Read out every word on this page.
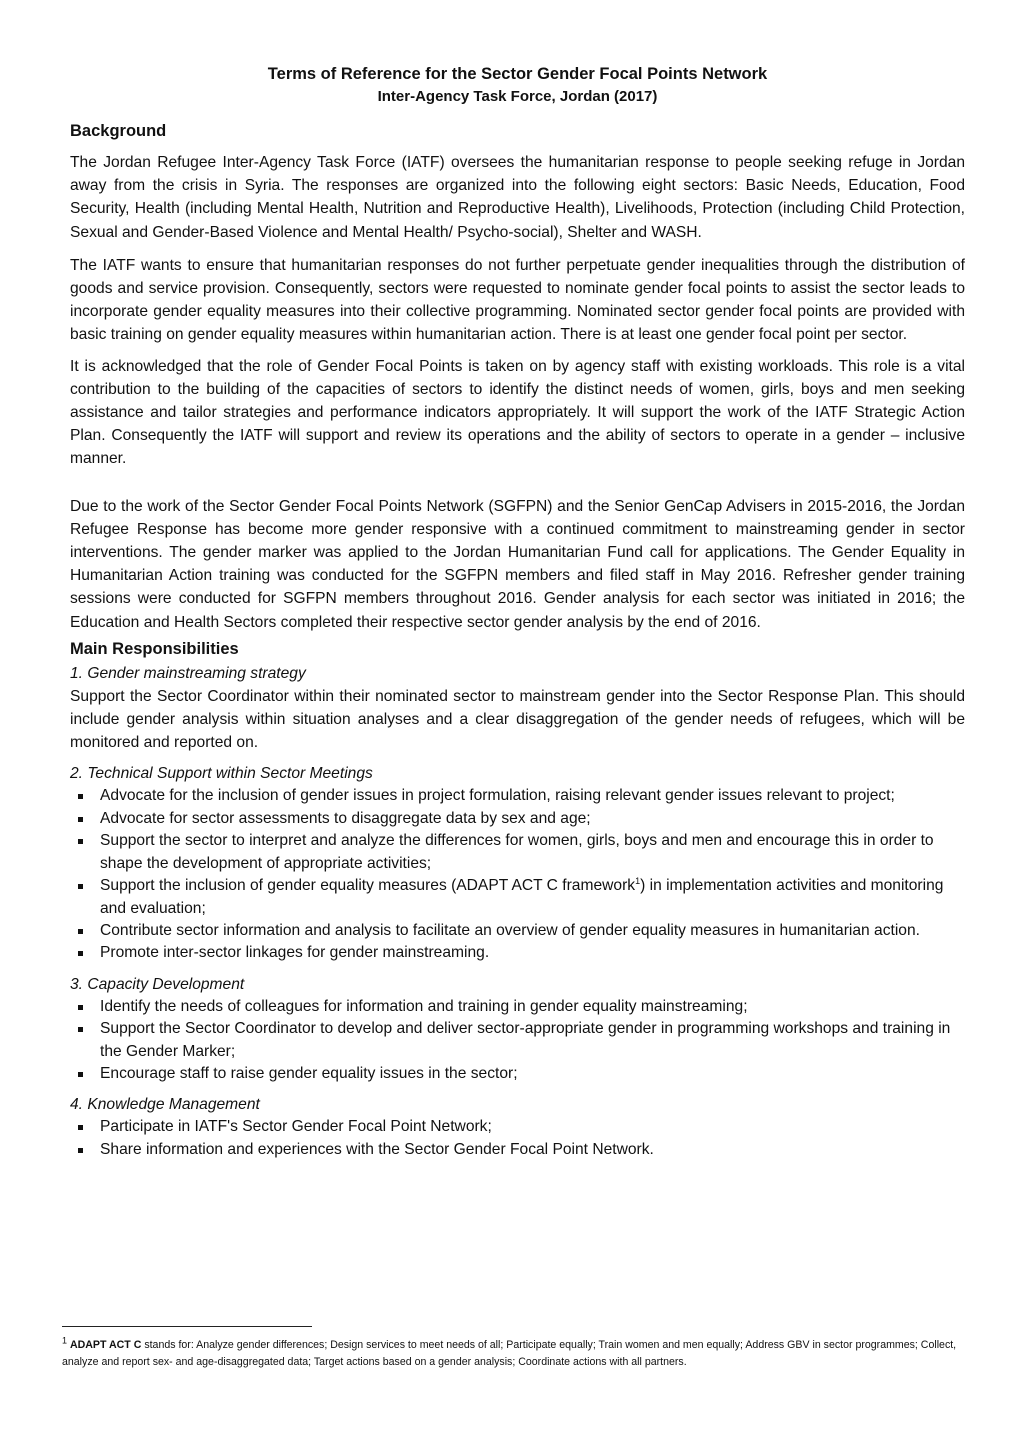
Terms of Reference for the Sector Gender Focal Points Network
Inter-Agency Task Force, Jordan (2017)
Background

The Jordan Refugee Inter-Agency Task Force (IATF) oversees the humanitarian response to people seeking refuge in Jordan away from the crisis in Syria. The responses are organized into the following eight sectors: Basic Needs, Education, Food Security, Health (including Mental Health, Nutrition and Reproductive Health), Livelihoods, Protection (including Child Protection, Sexual and Gender-Based Violence and Mental Health/ Psycho-social), Shelter and WASH.

The IATF wants to ensure that humanitarian responses do not further perpetuate gender inequalities through the distribution of goods and service provision. Consequently, sectors were requested to nominate gender focal points to assist the sector leads to incorporate gender equality measures into their collective programming. Nominated sector gender focal points are provided with basic training on gender equality measures within humanitarian action. There is at least one gender focal point per sector.

It is acknowledged that the role of Gender Focal Points is taken on by agency staff with existing workloads. This role is a vital contribution to the building of the capacities of sectors to identify the distinct needs of women, girls, boys and men seeking assistance and tailor strategies and performance indicators appropriately. It will support the work of the IATF Strategic Action Plan. Consequently the IATF will support and review its operations and the ability of sectors to operate in a gender – inclusive manner.

Due to the work of the Sector Gender Focal Points Network (SGFPN) and the Senior GenCap Advisers in 2015-2016, the Jordan Refugee Response has become more gender responsive with a continued commitment to mainstreaming gender in sector interventions. The gender marker was applied to the Jordan Humanitarian Fund call for applications. The Gender Equality in Humanitarian Action training was conducted for the SGFPN members and filed staff in May 2016. Refresher gender training sessions were conducted for SGFPN members throughout 2016. Gender analysis for each sector was initiated in 2016; the Education and Health Sectors completed their respective sector gender analysis by the end of 2016.

Main Responsibilities
1. Gender mainstreaming strategy

Support the Sector Coordinator within their nominated sector to mainstream gender into the Sector Response Plan. This should include gender analysis within situation analyses and a clear disaggregation of the gender needs of refugees, which will be monitored and reported on.

2. Technical Support within Sector Meetings
Advocate for the inclusion of gender issues in project formulation, raising relevant gender issues relevant to project;
Advocate for sector assessments to disaggregate data by sex and age;
Support the sector to interpret and analyze the differences for women, girls, boys and men and encourage this in order to shape the development of appropriate activities;
Support the inclusion of gender equality measures (ADAPT ACT C framework$^1$) in implementation activities and monitoring and evaluation;
Contribute sector information and analysis to facilitate an overview of gender equality measures in humanitarian action.
Promote inter-sector linkages for gender mainstreaming.
3. Capacity Development
Identify the needs of colleagues for information and training in gender equality mainstreaming;
Support the Sector Coordinator to develop and deliver sector-appropriate gender in programming workshops and training in the Gender Marker;
Encourage staff to raise gender equality issues in the sector;
4. Knowledge Management
Participate in IATF's Sector Gender Focal Point Network;
Share information and experiences with the Sector Gender Focal Point Network.
$^1$ ADAPT ACT C stands for: Analyze gender differences; Design services to meet needs of all; Participate equally; Train women and men equally; Address GBV in sector programmes; Collect, analyze and report sex- and age-disaggregated data; Target actions based on a gender analysis; Coordinate actions with all partners.
